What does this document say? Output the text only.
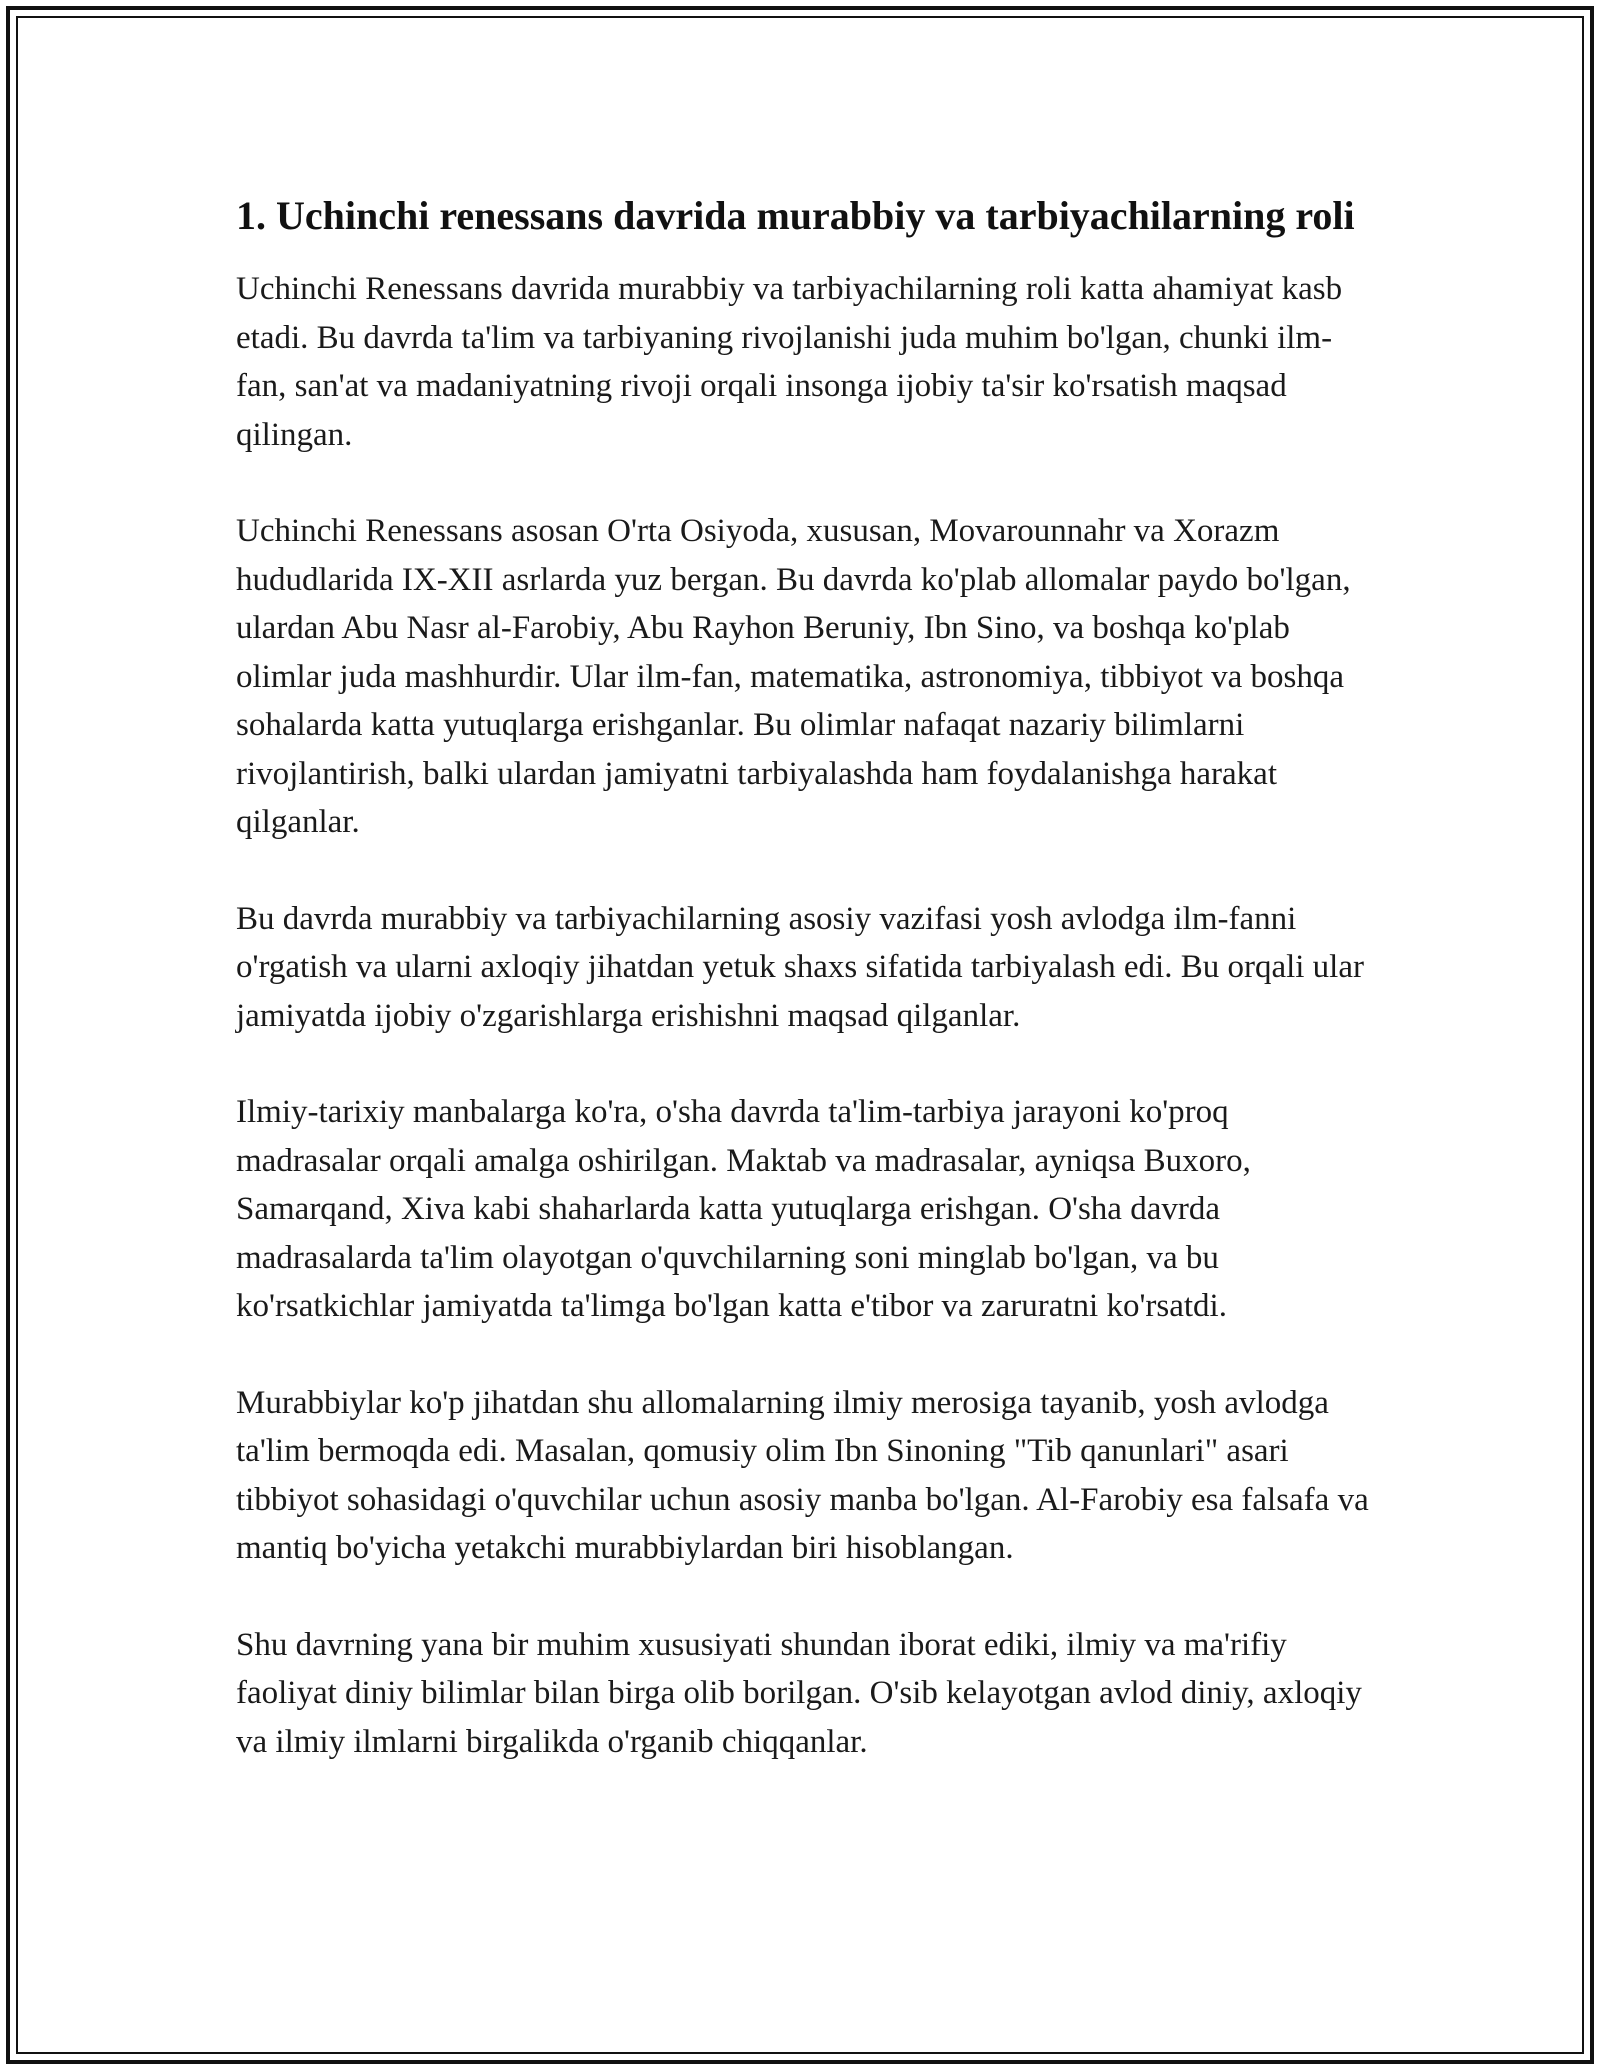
1. Uchinchi renessans davrida murabbiy va tarbiyachilarning roli

Uchinchi Renessans davrida murabbiy va tarbiyachilarning roli katta ahamiyat kasb etadi. Bu davrda ta'lim va tarbiyaning rivojlanishi juda muhim bo'lgan, chunki ilm-fan, san'at va madaniyatning rivoji orqali insonga ijobiy ta'sir ko'rsatish maqsad qilingan.

Uchinchi Renessans asosan O'rta Osiyoda, xususan, Movarounnahr va Xorazm hududlarida IX-XII asrlarda yuz bergan. Bu davrda ko'plab allomalar paydo bo'lgan, ulardan Abu Nasr al-Farobiy, Abu Rayhon Beruniy, Ibn Sino, va boshqa ko'plab olimlar juda mashhurdir. Ular ilm-fan, matematika, astronomiya, tibbiyot va boshqa sohalarda katta yutuqlarga erishganlar. Bu olimlar nafaqat nazariy bilimlarni rivojlantirish, balki ulardan jamiyatni tarbiyalashda ham foydalanishga harakat qilganlar.

Bu davrda murabbiy va tarbiyachilarning asosiy vazifasi yosh avlodga ilm-fanni o'rgatish va ularni axloqiy jihatdan yetuk shaxs sifatida tarbiyalash edi. Bu orqali ular jamiyatda ijobiy o'zgarishlarga erishishni maqsad qilganlar.

Ilmiy-tarixiy manbalarga ko'ra, o'sha davrda ta'lim-tarbiya jarayoni ko'proq madrasalar orqali amalga oshirilgan. Maktab va madrasalar, ayniqsa Buxoro, Samarqand, Xiva kabi shaharlarda katta yutuqlarga erishgan. O'sha davrda madrasalarda ta'lim olayotgan o'quvchilarning soni minglab bo'lgan, va bu ko'rsatkichlar jamiyatda ta'limga bo'lgan katta e'tibor va zaruratni ko'rsatdi.

Murabbiylar ko'p jihatdan shu allomalarning ilmiy merosiga tayanib, yosh avlodga ta'lim bermoqda edi. Masalan, qomusiy olim Ibn Sinoning "Tib qanunlari" asari tibbiyot sohasidagi o'quvchilar uchun asosiy manba bo'lgan. Al-Farobiy esa falsafa va mantiq bo'yicha yetakchi murabbiylardan biri hisoblangan.

Shu davrning yana bir muhim xususiyati shundan iborat ediki, ilmiy va ma'rifiy faoliyat diniy bilimlar bilan birga olib borilgan. O'sib kelayotgan avlod diniy, axloqiy va ilmiy ilmlarni birgalikda o'rganib chiqqanlar.
